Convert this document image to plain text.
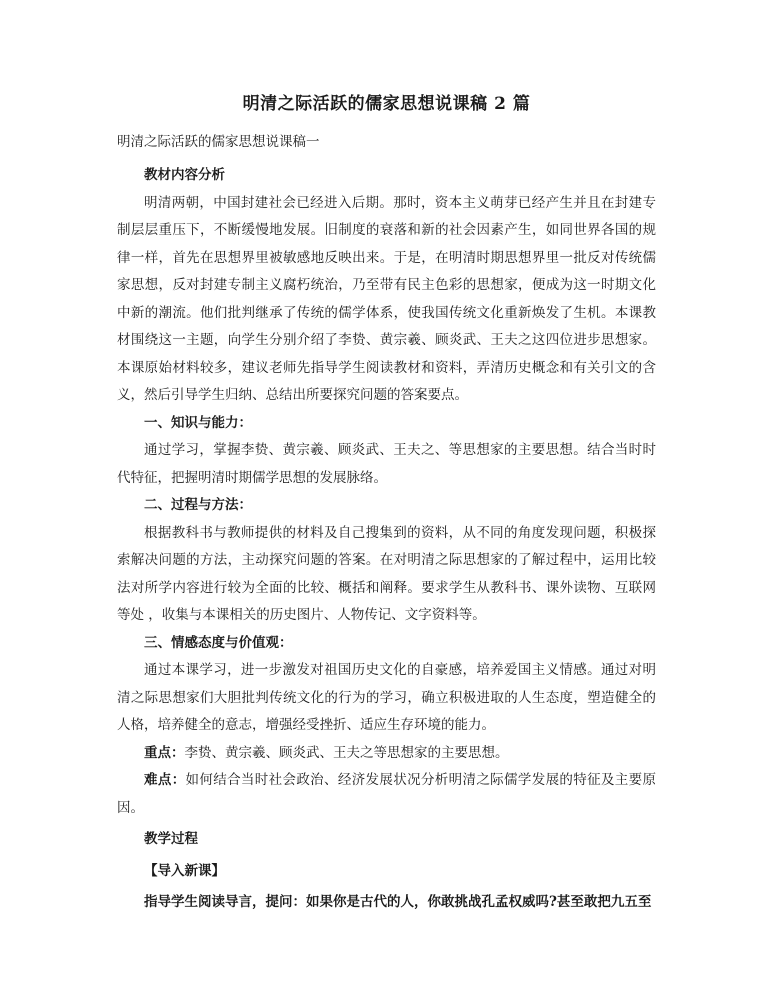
明清之际活跃的儒家思想说课稿 2 篇
明清之际活跃的儒家思想说课稿一

教材内容分析

明清两朝，中国封建社会已经进入后期。那时，资本主义萌芽已经产生并且在封建专制层层重压下，不断缓慢地发展。旧制度的衰落和新的社会因素产生，如同世界各国的规律一样，首先在思想界里被敏感地反映出来。于是，在明清时期思想界里一批反对传统儒家思想，反对封建专制主义腐朽统治，乃至带有民主色彩的思想家，便成为这一时期文化中新的潮流。他们批判继承了传统的儒学体系，使我国传统文化重新焕发了生机。本课教材围绕这一主题，向学生分别介绍了李贽、黄宗羲、顾炎武、王夫之这四位进步思想家。本课原始材料较多，建议老师先指导学生阅读教材和资料，弄清历史概念和有关引文的含义，然后引导学生归纳、总结出所要探究问题的答案要点。

一、知识与能力：

通过学习，掌握李贽、黄宗羲、顾炎武、王夫之、等思想家的主要思想。结合当时时代特征，把握明清时期儒学思想的发展脉络。

二、过程与方法：

根据教科书与教师提供的材料及自己搜集到的资料，从不同的角度发现问题，积极探索解决问题的方法，主动探究问题的答案。在对明清之际思想家的了解过程中，运用比较法对所学内容进行较为全面的比较、概括和阐释。要求学生从教科书、课外读物、互联网等处 ，收集与本课相关的历史图片、人物传记、文字资料等。

三、情感态度与价值观：

通过本课学习，进一步激发对祖国历史文化的自豪感，培养爱国主义情感。通过对明清之际思想家们大胆批判传统文化的行为的学习，确立积极进取的人生态度，塑造健全的人格，培养健全的意志，增强经受挫折、适应生存环境的能力。

重点：李贽、黄宗羲、顾炎武、王夫之等思想家的主要思想。

难点：如何结合当时社会政治、经济发展状况分析明清之际儒学发展的特征及主要原因。

教学过程

【导入新课】

指导学生阅读导言，提问：如果你是古代的人，你敢挑战孔孟权威吗?甚至敢把九五至
